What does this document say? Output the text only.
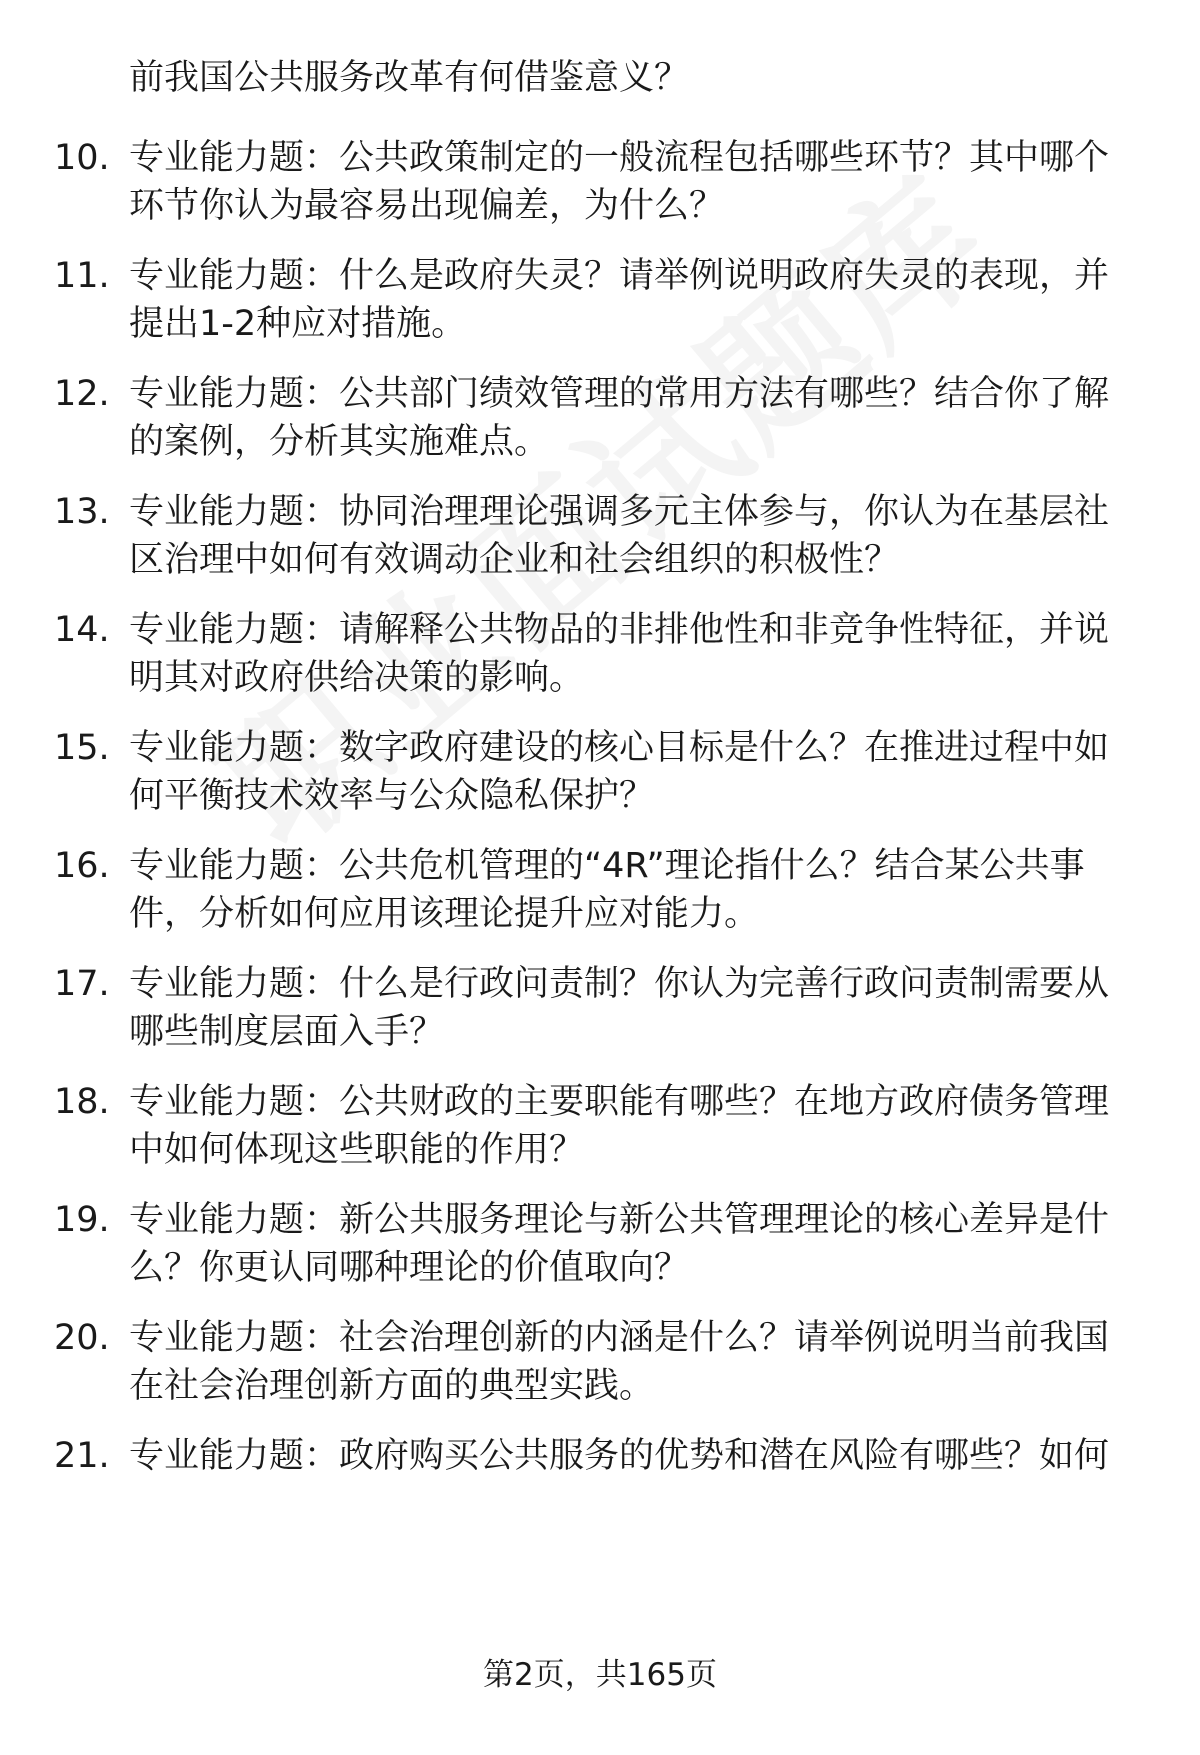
前我国公共服务改革有何借鉴意义？
10. 专业能力题：公共政策制定的一般流程包括哪些环节？其中哪个
环节你认为最容易出现偏差，为什么？
11. 专业能力题：什么是政府失灵？请举例说明政府失灵的表现，并
提出1-2种应对措施。
12. 专业能力题：公共部门绩效管理的常用方法有哪些？结合你了解
的案例，分析其实施难点。
13. 专业能力题：协同治理理论强调多元主体参与，你认为在基层社
区治理中如何有效调动企业和社会组织的积极性？
14. 专业能力题：请解释公共物品的非排他性和非竞争性特征，并说
明其对政府供给决策的影响。
15. 专业能力题：数字政府建设的核心目标是什么？在推进过程中如
何平衡技术效率与公众隐私保护？
16. 专业能力题：公共危机管理的“4R”理论指什么？结合某公共事
件，分析如何应用该理论提升应对能力。
17. 专业能力题：什么是行政问责制？你认为完善行政问责制需要从
哪些制度层面入手？
18. 专业能力题：公共财政的主要职能有哪些？在地方政府债务管理
中如何体现这些职能的作用？
19. 专业能力题：新公共服务理论与新公共管理理论的核心差异是什
么？你更认同哪种理论的价值取向？
20. 专业能力题：社会治理创新的内涵是什么？请举例说明当前我国
在社会治理创新方面的典型实践。
21. 专业能力题：政府购买公共服务的优势和潜在风险有哪些？如何
第2页，共165页
